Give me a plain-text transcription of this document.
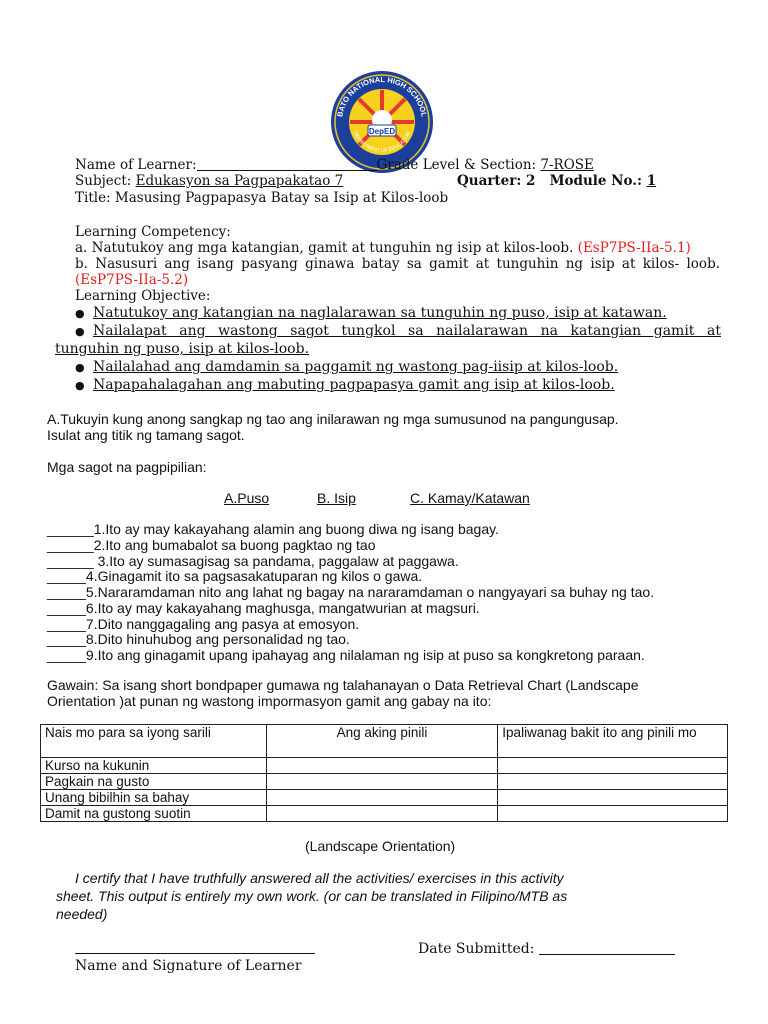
DepED
BATO NATIONAL HIGH SCHOOL
DEPARTMENT OF EDUCATION
Name of Learner:	Grade Level & Section: 7-ROSE
Subject: Edukasyon sa Pagpapakatao 7	Quarter: 2 Module No.: 1
Title: Masusing Pagpapasya Batay sa Isip at Kilos-loob
Learning Competency:
a. Natutukoy ang mga katangian, gamit at tunguhin ng isip at kilos-loob. (EsP7PS-IIa-5.1)
b. Nasusuri ang isang pasyang ginawa batay sa gamit at tunguhin ng isip at kilos- loob.
(EsP7PS-IIa-5.2)
Learning Objective:
● Natutukoy ang katangian na naglalarawan sa tunguhin ng puso, isip at katawan.
● Nailalapat ang wastong sagot tungkol sa nailalarawan na katangian gamit at
tunguhin ng puso, isip at kilos-loob.
● Nailalahad ang damdamin sa paggamit ng wastong pag-iisip at kilos-loob.
● Napapahalagahan ang mabuting pagpapasya gamit ang isip at kilos-loob.
A.Tukuyin kung anong sangkap ng tao ang inilarawan ng mga sumusunod na pangungusap.
Isulat ang titik ng tamang sagot.
Mga sagot na pagpipilian:
A.Puso	B. Isip	C. Kamay/Katawan
______1.Ito ay may kakayahang alamin ang buong diwa ng isang bagay.
______2.Ito ang bumabalot sa buong pagktao ng tao
______ 3.Ito ay sumasagisag sa pandama, paggalaw at paggawa.
_____4.Ginagamit ito sa pagsasakatuparan ng kilos o gawa.
_____5.Nararamdaman nito ang lahat ng bagay na nararamdaman o nangyayari sa buhay ng tao.
_____6.Ito ay may kakayahang maghusga, mangatwurian at magsuri.
_____7.Dito nanggagaling ang pasya at emosyon.
_____8.Dito hinuhubog ang personalidad ng tao.
_____9.Ito ang ginagamit upang ipahayag ang nilalaman ng isip at puso sa kongkretong paraan.
Gawain: Sa isang short bondpaper gumawa ng talahanayan o Data Retrieval Chart (Landscape
Orientation )at punan ng wastong impormasyon gamit ang gabay na ito:
Nais mo para sa iyong sarili	Ang aking pinili	Ipaliwanag bakit ito ang pinili mo
Kurso na kukunin		
Pagkain na gusto		
Unang bibilhin sa bahay		
Damit na gustong suotin		
(Landscape Orientation)
I certify that I have truthfully answered all the activities/ exercises in this activity
sheet. This output is entirely my own work. (or can be translated in Filipino/MTB as
needed)
Name and Signature of Learner
Date Submitted:
